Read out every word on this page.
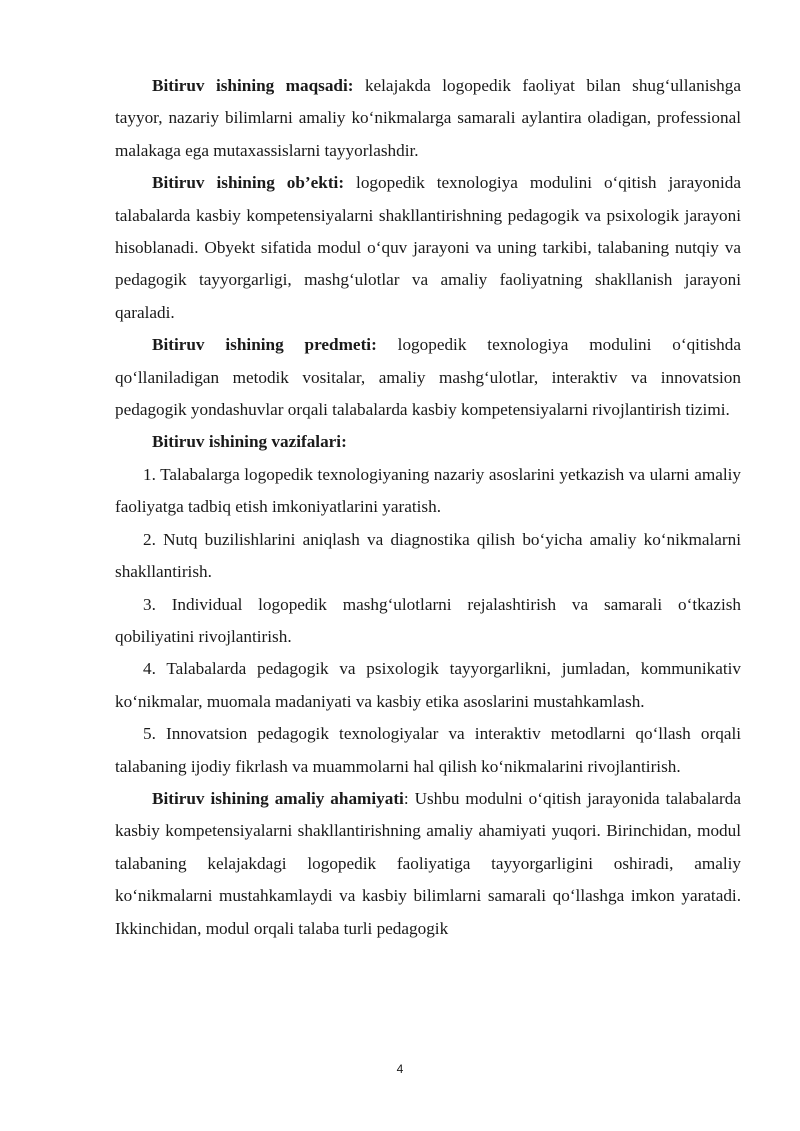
Bitiruv ishining maqsadi: kelajakda logopedik faoliyat bilan shug‘ullanishga tayyor, nazariy bilimlarni amaliy ko‘nikmalarga samarali aylantira oladigan, professional malakaga ega mutaxassislarni tayyorlashdir.

Bitiruv ishining ob’ekti: logopedik texnologiya modulini o‘qitish jarayonida talabalarda kasbiy kompetensiyalarni shakllantirishning pedagogik va psixologik jarayoni hisoblanadi. Obyekt sifatida modul o‘quv jarayoni va uning tarkibi, talabaning nutqiy va pedagogik tayyorgarligi, mashg‘ulotlar va amaliy faoliyatning shakllanish jarayoni qaraladi.

Bitiruv ishining predmeti: logopedik texnologiya modulini o‘qitishda qo‘llaniladigan metodik vositalar, amaliy mashg‘ulotlar, interaktiv va innovatsion pedagogik yondashuvlar orqali talabalarda kasbiy kompetensiyalarni rivojlantirish tizimi.

Bitiruv ishining vazifalari:

1. Talabalarga logopedik texnologiyaning nazariy asoslarini yetkazish va ularni amaliy faoliyatga tadbiq etish imkoniyatlarini yaratish.

2. Nutq buzilishlarini aniqlash va diagnostika qilish bo‘yicha amaliy ko‘nikmalarni shakllantirish.

3. Individual logopedik mashg‘ulotlarni rejalashtirish va samarali o‘tkazish qobiliyatini rivojlantirish.

4. Talabalarda pedagogik va psixologik tayyorgarlikni, jumladan, kommunikativ ko‘nikmalar, muomala madaniyati va kasbiy etika asoslarini mustahkamlash.

5. Innovatsion pedagogik texnologiyalar va interaktiv metodlarni qo‘llash orqali talabaning ijodiy fikrlash va muammolarni hal qilish ko‘nikmalarini rivojlantirish.

Bitiruv ishining amaliy ahamiyati: Ushbu modulni o‘qitish jarayonida talabalarda kasbiy kompetensiyalarni shakllantirishning amaliy ahamiyati yuqori. Birinchidan, modul talabaning kelajakdagi logopedik faoliyatiga tayyorgarligini oshiradi, amaliy ko‘nikmalarni mustahkamlaydi va kasbiy bilimlarni samarali qo‘llashga imkon yaratadi. Ikkinchidan, modul orqali talaba turli pedagogik

4
